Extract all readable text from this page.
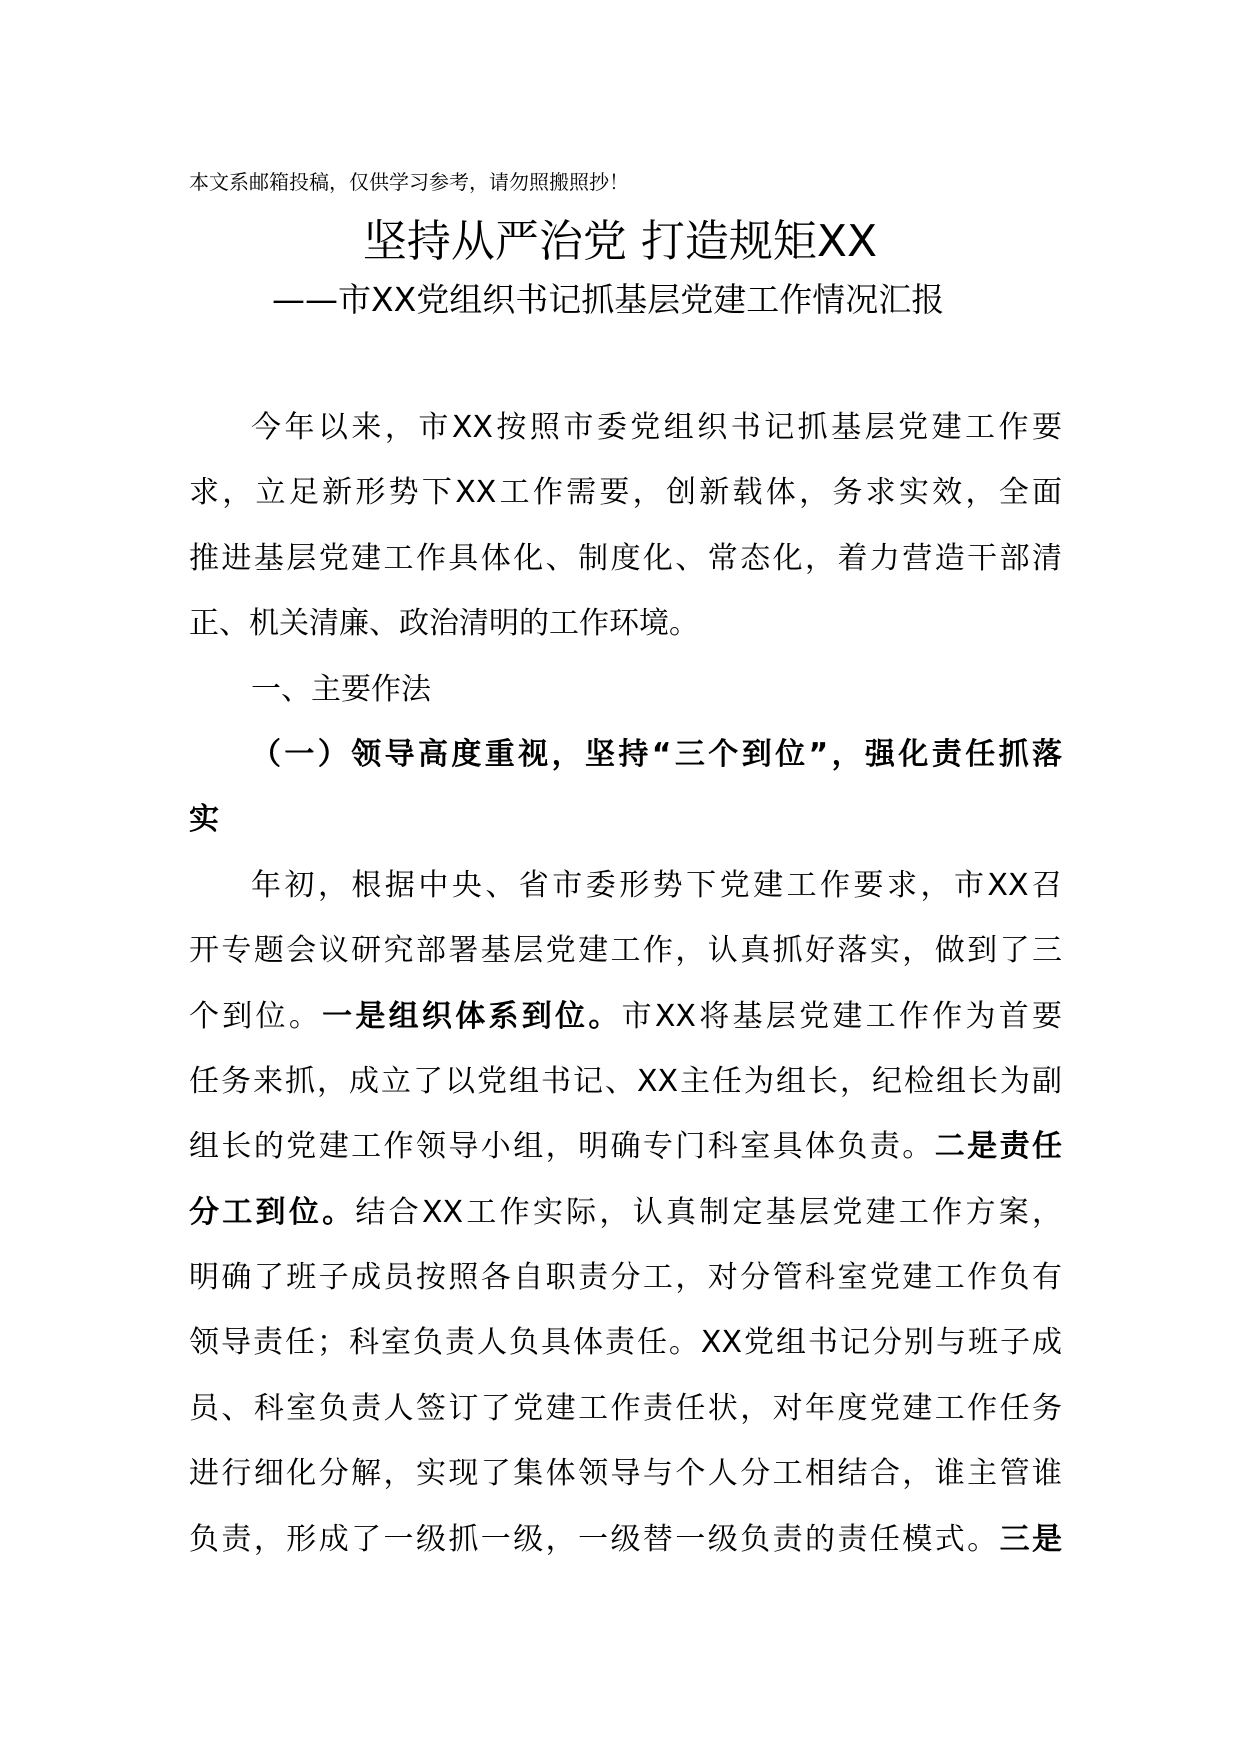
本文系邮箱投稿，仅供学习参考，请勿照搬照抄！
坚持从严治党 打造规矩XX
——市XX党组织书记抓基层党建工作情况汇报
今年以来，市XX按照市委党组织书记抓基层党建工作要
求，立足新形势下XX工作需要，创新载体，务求实效，全面
推进基层党建工作具体化、制度化、常态化，着力营造干部清
正、机关清廉、政治清明的工作环境。
一、主要作法
（一）领导高度重视，坚持“三个到位”，强化责任抓落
实
年初，根据中央、省市委形势下党建工作要求，市XX召
开专题会议研究部署基层党建工作，认真抓好落实，做到了三
个到位。一是组织体系到位。市XX将基层党建工作作为首要
任务来抓，成立了以党组书记、XX主任为组长，纪检组长为副
组长的党建工作领导小组，明确专门科室具体负责。二是责任
分工到位。结合XX工作实际，认真制定基层党建工作方案，
明确了班子成员按照各自职责分工，对分管科室党建工作负有
领导责任；科室负责人负具体责任。XX党组书记分别与班子成
员、科室负责人签订了党建工作责任状，对年度党建工作任务
进行细化分解，实现了集体领导与个人分工相结合，谁主管谁
负责，形成了一级抓一级，一级替一级负责的责任模式。三是
